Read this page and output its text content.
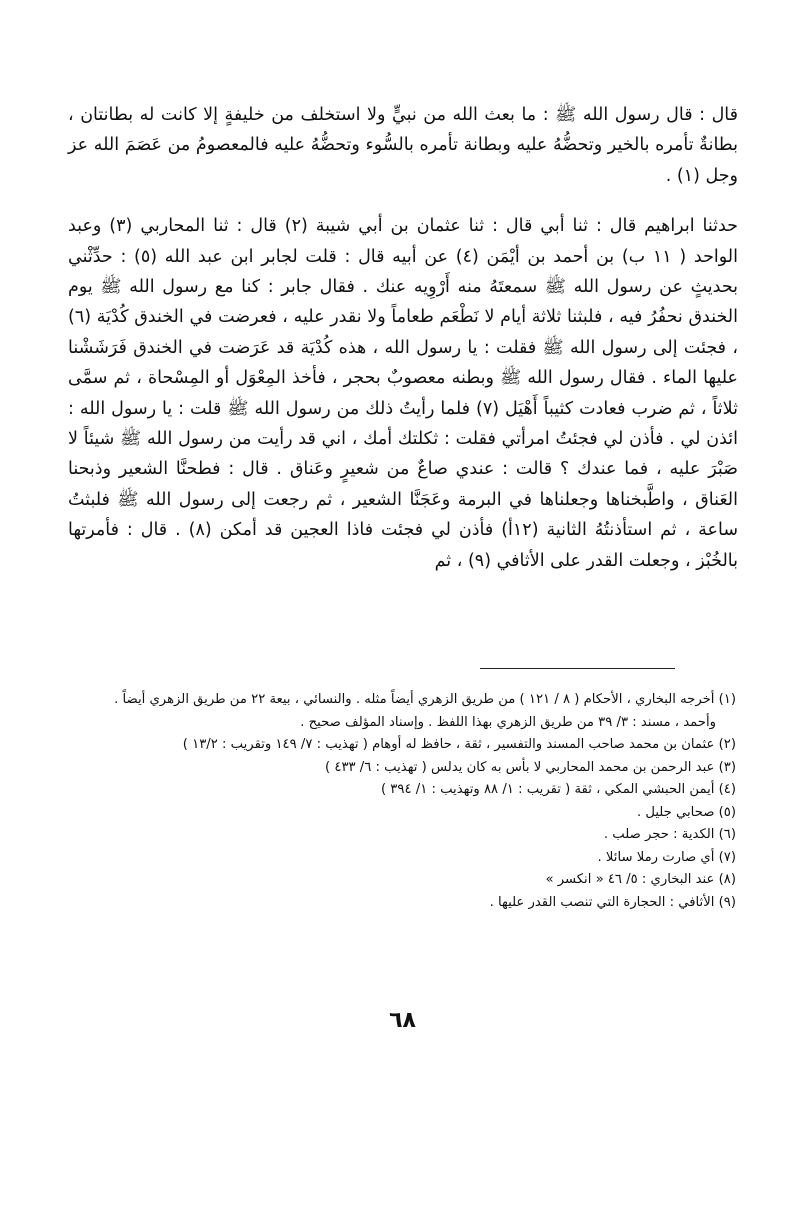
قال : قال رسول الله ﷺ : ما بعث الله من نبيٍّ ولا استخلف من خليفةٍ إلا كانت له بطانتان ، بطانةٌ تأمره بالخير وتحضُّهُ عليه وبطانة تأمره بالسُّوء وتحضُّهُ عليه فالمعصومُ من عَصَمَ الله عز وجل (١) .

حدثنا ابراهيم قال : ثنا أبي قال : ثنا عثمان بن أبي شيبة (٢) قال : ثنا المحاربي (٣) وعبد الواحد ( ١١ ب) بن أحمد بن أيْمَن (٤) عن أبيه قال : قلت لجابر ابن عبد الله (٥) : حدِّثْني بحديثٍ عن رسول الله ﷺ سمعتَهُ منه أَرْوِيه عنك . فقال جابر : كنا مع رسول الله ﷺ يوم الخندق نحفُرُ فيه ، فلبثنا ثلاثة أيام لا نَطْعَم طعاماً ولا نقدر عليه ، فعرضت في الخندق كُدْيَة (٦) ، فجئت إلى رسول الله ﷺ فقلت : يا رسول الله ، هذه كُدْيَة قد عَرَضت في الخندق فَرَشَشْنا عليها الماء . فقال رسول الله ﷺ وبطنه معصوبٌ بحجر ، فأخذ المِعْوَل أو المِسْحاة ، ثم سمَّى ثلاثاً ، ثم ضرب فعادت كثيباً أَهْيَل (٧) فلما رأيتُ ذلك من رسول الله ﷺ قلت : يا رسول الله : ائذن لي . فأذن لي فجئتُ امرأتي فقلت : ثكلتك أمك ، اني قد رأيت من رسول الله ﷺ شيئاً لا صَبْرَ عليه ، فما عندك ؟ قالت : عندي صاعٌ من شعيرٍ وعَناق . قال : فطحنَّا الشعير وذبحنا العَناق ، واطَّبخناها وجعلناها في البرمة وعَجَنَّا الشعير ، ثم رجعت إلى رسول الله ﷺ فلبثتُ ساعة ، ثم استأذنتُهُ الثانية (١٢أ) فأذن لي فجئت فاذا العجين قد أمكن (٨) . قال : فأمرتها بالخُبْز ، وجعلت القدر على الأثافي (٩) ، ثم

(١) أخرجه البخاري ، الأحكام ( ٨ / ١٢١ ) من طريق الزهري أيضاً مثله . والنسائي ، بيعة ٢٢ من طريق الزهري أيضاً .

وأحمد ، مسند : ٣/ ٣٩ من طريق الزهري بهذا اللفظ . وإسناد المؤلف صحيح .

(٢) عثمان بن محمد صاحب المسند والتفسير ، ثقة ، حافظ له أوهام ( تهذيب : ٧/ ١٤٩ وتقريب : ١٣/٢ )

(٣) عبد الرحمن بن محمد المحاربي لا بأس به كان يدلس ( تهذيب : ٦/ ٤٣٣ )

(٤) أيمن الحبشي المكي ، ثقة ( تقريب : ١/ ٨٨ وتهذيب : ١/ ٣٩٤ )

(٥) صحابي جليل .

(٦) الكدية : حجر صلب .

(٧) أي صارت رملا سائلا .

(٨) عند البخاري : ٥/ ٤٦ « انكسر »

(٩) الأثافي : الحجارة التي تنصب القدر عليها .

٦٨
